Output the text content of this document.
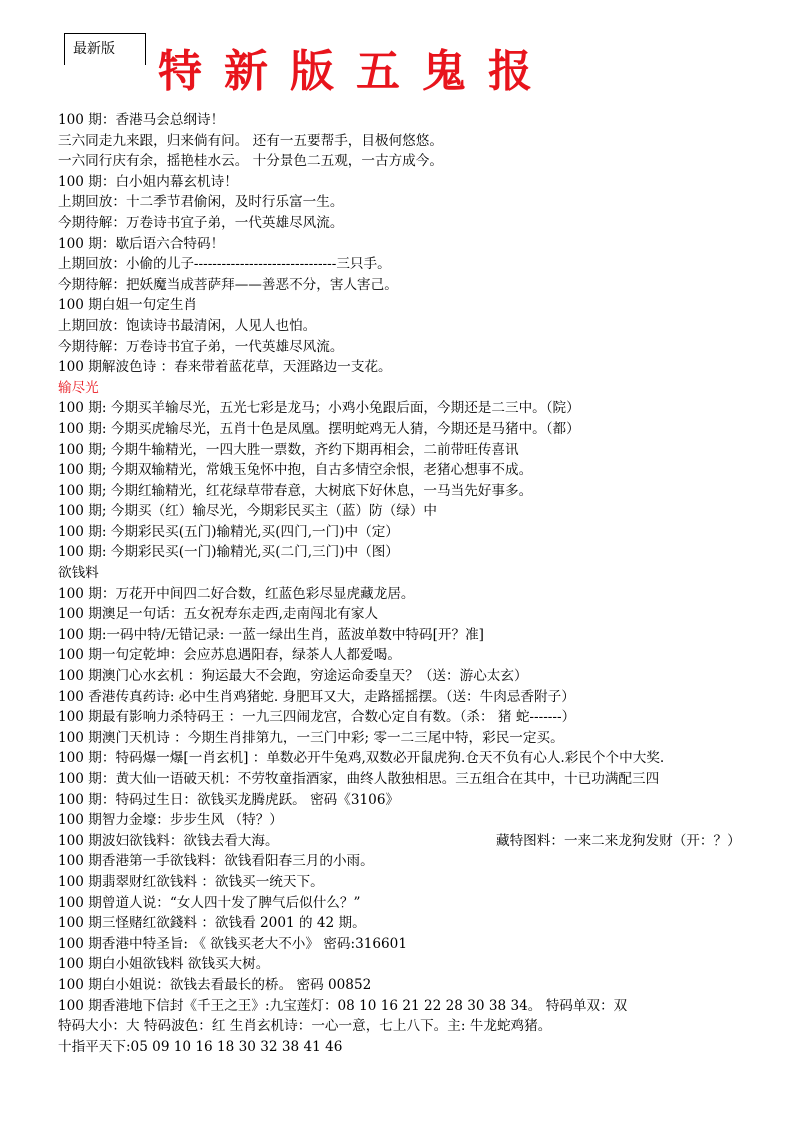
最新版 特新版五鬼报
100 期：香港马会总纲诗！
三六同走九来跟，归来倘有问。 还有一五要帮手，目极何悠悠。
一六同行庆有余，摇艳桂水云。 十分景色二五观，一古方成今。
100 期：白小姐内幕玄机诗！
上期回放：十二季节君偷闲，及时行乐富一生。
今期待解：万卷诗书宜子弟，一代英雄尽风流。
100 期：歇后语六合特码！
上期回放：小偷的儿子-------------------------------三只手。
今期待解：把妖魔当成菩萨拜——善恶不分，害人害己。
100 期白姐一句定生肖
上期回放：饱读诗书最清闲，人见人也怕。
今期待解：万卷诗书宜子弟，一代英雄尽风流。
100 期解波色诗 ：春来带着蓝花草，天涯路边一支花。
输尽光
100 期: 今期买羊输尽光，五光七彩是龙马；小鸡小兔跟后面，今期还是二三中。（院）
100 期: 今期买虎输尽光，五肖十色是凤凰。摆明蛇鸡无人猜，今期还是马猪中。（都）
100 期; 今期牛输精光，一四大胜一票数，齐约下期再相会，二前带旺传喜讯
100 期; 今期双输精光，常娥玉兔怀中抱，自古多情空余恨，老猪心想事不成。
100 期; 今期红输精光，红花绿草带春意，大树底下好休息，一马当先好事多。
100 期; 今期买（红）输尽光，今期彩民买主（蓝）防（绿）中
100 期: 今期彩民买(五门)输精光,买(四门,一门)中（定）
100 期: 今期彩民买(一门)输精光,买(二门,三门)中（图）
欲钱料
100 期：万花开中间四二好合数，红蓝色彩尽显虎藏龙居。
100 期澳足一句话：五女祝寿东走西,走南闯北有家人
100 期:一码中特/无错记录: 一蓝一绿出生肖，蓝波单数中特码[开？准]
100 期一句定乾坤：会应苏息遇阳春，绿茶人人都爱喝。
100 期澳门心水玄机 ：狗运最大不会跑，穷途运命委皇天？（送：游心太玄）
100 香港传真药诗: 必中生肖鸡猪蛇. 身肥耳又大，走路摇摇摆。（送：牛肉忌香附子）
100 期最有影响力杀特码王 ：一九三四闹龙宫，合数心定自有数。（杀： 猪 蛇-------）
100 期澳门天机诗 ：今期生肖排第九，一三门中彩; 零一二三尾中特，彩民一定买。
100 期：特码爆一爆[一肖玄机] ：单数必开牛兔鸡,双数必开鼠虎狗.仓天不负有心人.彩民个个中大奖.
100 期：黄大仙一语破天机：不劳牧童指酒家，曲终人散独相思。三五组合在其中，十已功满配三四
100 期：特码过生日：欲钱买龙腾虎跃。 密码《3106》
100 期智力金壕：步步生风 （特？）
100 期波妇欲钱料：欲钱去看大海。	藏特图料：一来二来龙狗发财（开：？）
100 期香港第一手欲钱料：欲钱看阳春三月的小雨。
100 期翡翠财红欲钱料 ：欲钱买一统天下。
100 期曾道人说：“女人四十发了脾气后似什么？”
100 期三怪赌红欲錢料 ：欲钱看 2001 的 42 期。
100 期香港中特圣旨: 《 欲钱买老大不小》 密码:316601
100 期白小姐欲钱料 欲钱买大树。
100 期白小姐说：欲钱去看最长的桥。 密码 00852
100 期香港地下信封《千王之王》:九宝莲灯：08 10 16 21 22 28 30 38 34。 特码单双：双
特码大小：大 特码波色：红 生肖玄机诗：一心一意，七上八下。主: 牛龙蛇鸡猪。
十指平天下:05 09 10 16 18 30 32 38 41 46
